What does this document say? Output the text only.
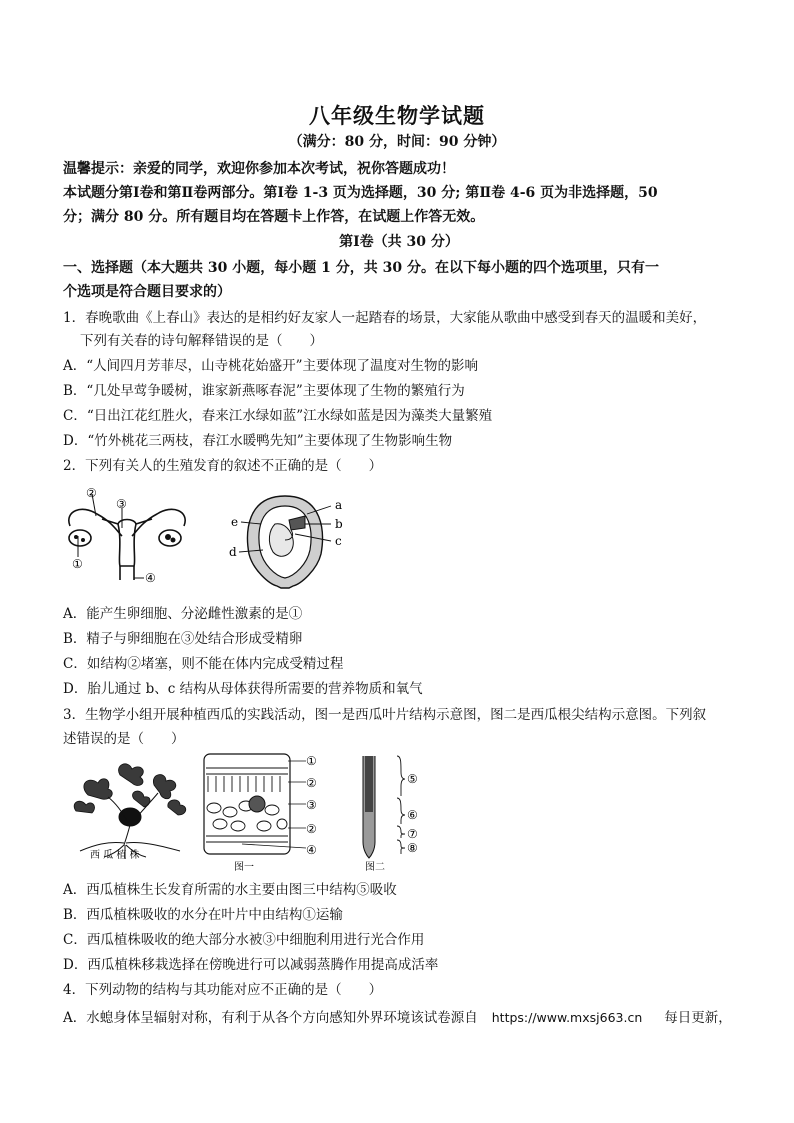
八年级生物学试题
（满分：80 分，时间：90 分钟）
温馨提示：亲爱的同学，欢迎你参加本次考试，祝你答题成功！
本试题分第Ⅰ卷和第Ⅱ卷两部分。第Ⅰ卷 1-3 页为选择题，30 分; 第Ⅱ卷 4-6 页为非选择题，50
分；满分 80 分。所有题目均在答题卡上作答，在试题上作答无效。
第Ⅰ卷（共 30 分）
一、选择题（本大题共 30 小题，每小题 1 分，共 30 分。在以下每小题的四个选项里，只有一
个选项是符合题目要求的）
1．春晚歌曲《上春山》表达的是相约好友家人一起踏春的场景，大家能从歌曲中感受到春天的温暖和美好，
下列有关春的诗句解释错误的是（　　）
A．“人间四月芳菲尽，山寺桃花始盛开”主要体现了温度对生物的影响
B．“几处早莺争暖树，谁家新燕啄春泥”主要体现了生物的繁殖行为
C．“日出江花红胜火，春来江水绿如蓝”江水绿如蓝是因为藻类大量繁殖
D．“竹外桃花三两枝，春江水暖鸭先知”主要体现了生物影响生物
2．下列有关人的生殖发育的叙述不正确的是（　　）
②
③
①
④
a
b
c
d
e
A．能产生卵细胞、分泌雌性激素的是①
B．精子与卵细胞在③处结合形成受精卵
C．如结构②堵塞，则不能在体内完成受精过程
D．胎儿通过 b、c 结构从母体获得所需要的营养物质和氧气
3．生物学小组开展种植西瓜的实践活动，图一是西瓜叶片结构示意图，图二是西瓜根尖结构示意图。下列叙
述错误的是（　　）
西 瓜 植 株
①
②
③
②
④
图一
⑤
⑥
⑦
⑧
图二
A．西瓜植株生长发育所需的水主要由图三中结构⑤吸收
B．西瓜植株吸收的水分在叶片中由结构①运输
C．西瓜植株吸收的绝大部分水被③中细胞利用进行光合作用
D．西瓜植株移栽选择在傍晚进行可以减弱蒸腾作用提高成活率
4．下列动物的结构与其功能对应不正确的是（　　）
A．水螅身体呈辐射对称，有利于从各个方向感知外界环境该试卷源自 https://www.mxsj663.cn 每日更新，
